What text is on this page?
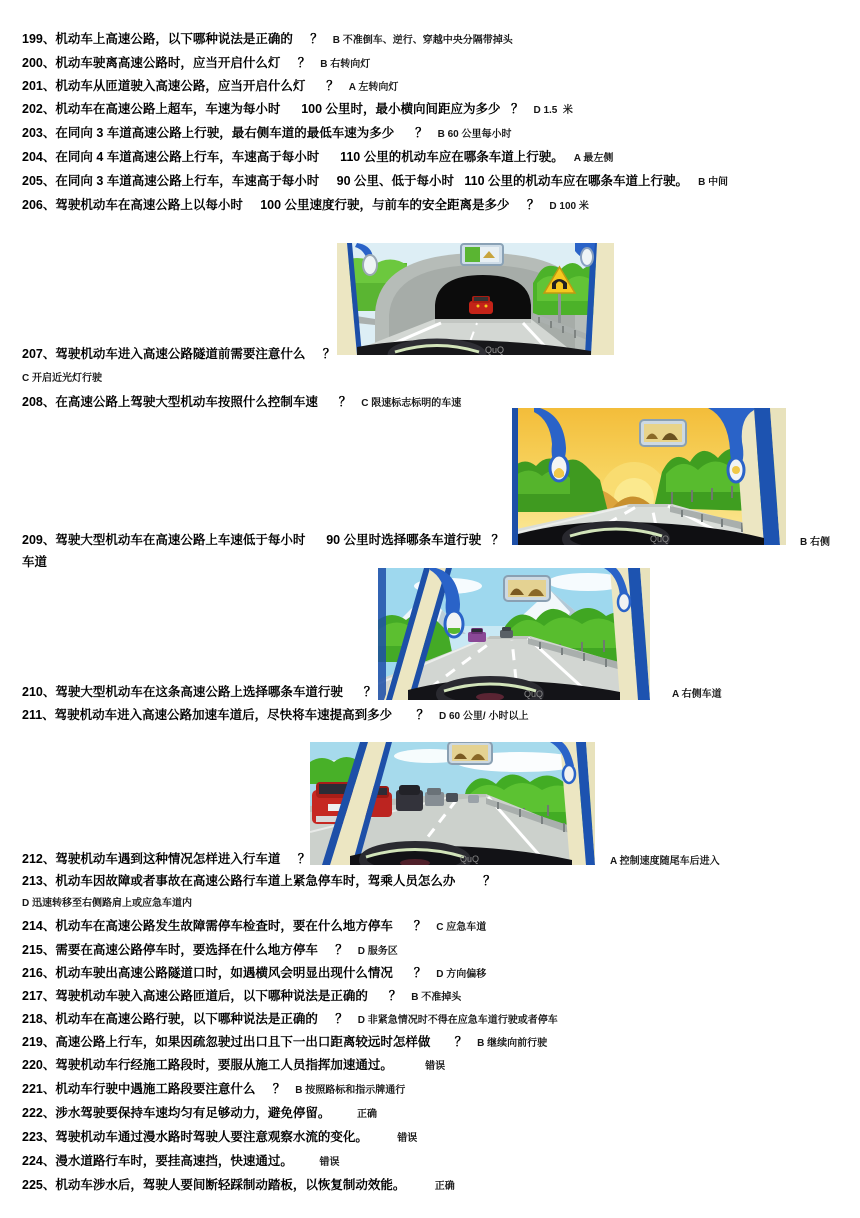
199、机动车上高速公路，以下哪种说法是正确的     ？ B 不准倒车、逆行、穿越中央分隔带掉头
200、机动车驶离高速公路时，应当开启什么灯     ？ B 右转向灯
201、机动车从匝道驶入高速公路，应当开启什么灯      ？ A 左转向灯
202、机动车在高速公路上超车，车速为每小时      100 公里时，最小横向间距应为多少   ？ D 1.5  米
203、在同向 3 车道高速公路上行驶，最右侧车道的最低车速为多少      ？ B 60 公里每小时
204、在同向 4 车道高速公路上行车，车速高于每小时      110 公里的机动车应在哪条车道上行驶。 A 最左侧
205、在同向 3 车道高速公路上行车，车速高于每小时     90 公里、低于每小时   110 公里的机动车应在哪条车道上行驶。 B 中间
206、驾驶机动车在高速公路上以每小时     100 公里速度行驶，与前车的安全距离是多少     ？ D 100 米
207、驾驶机动车进入高速公路隧道前需要注意什么     ？
C 开启近光灯行驶
208、在高速公路上驾驶大型机动车按照什么控制车速      ？ C 限速标志标明的车速
209、驾驶大型机动车在高速公路上车速低于每小时      90 公里时选择哪条车道行驶   ？	B 右侧
车道
210、驾驶大型机动车在这条高速公路上选择哪条车道行驶      ？	A 右侧车道
211、驾驶机动车进入高速公路加速车道后，尽快将车速提高到多少       ？ D 60 公里/ 小时以上
212、驾驶机动车遇到这种情况怎样进入行车道     ？	A 控制速度随尾车后进入
213、机动车因故障或者事故在高速公路行车道上紧急停车时，驾乘人员怎么办        ？
D 迅速转移至右侧路肩上或应急车道内
214、机动车在高速公路发生故障需停车检查时，要在什么地方停车      ？ C 应急车道
215、需要在高速公路停车时，要选择在什么地方停车     ？ D 服务区
216、机动车驶出高速公路隧道口时，如遇横风会明显出现什么情况      ？ D 方向偏移
217、驾驶机动车驶入高速公路匝道后，以下哪种说法是正确的      ？ B 不准掉头
218、机动车在高速公路行驶，以下哪种说法是正确的     ？ D 非紧急情况时不得在应急车道行驶或者停车
219、高速公路上行车，如果因疏忽驶过出口且下一出口距离较远时怎样做       ？ B 继续向前行驶
220、驾驶机动车行经施工路段时，要服从施工人员指挥加速通过。        错误
221、机动车行驶中遇施工路段要注意什么     ？ B 按照路标和指示牌通行
222、涉水驾驶要保持车速均匀有足够动力，避免停留。      正确
223、驾驶机动车通过漫水路时驾驶人要注意观察水流的变化。       错误
224、漫水道路行车时，要挂高速挡，快速通过。      错误
225、机动车涉水后，驾驶人要间断轻踩制动踏板，以恢复制动效能。       正确
QuQ
QuQ
QuQ
QuQ
